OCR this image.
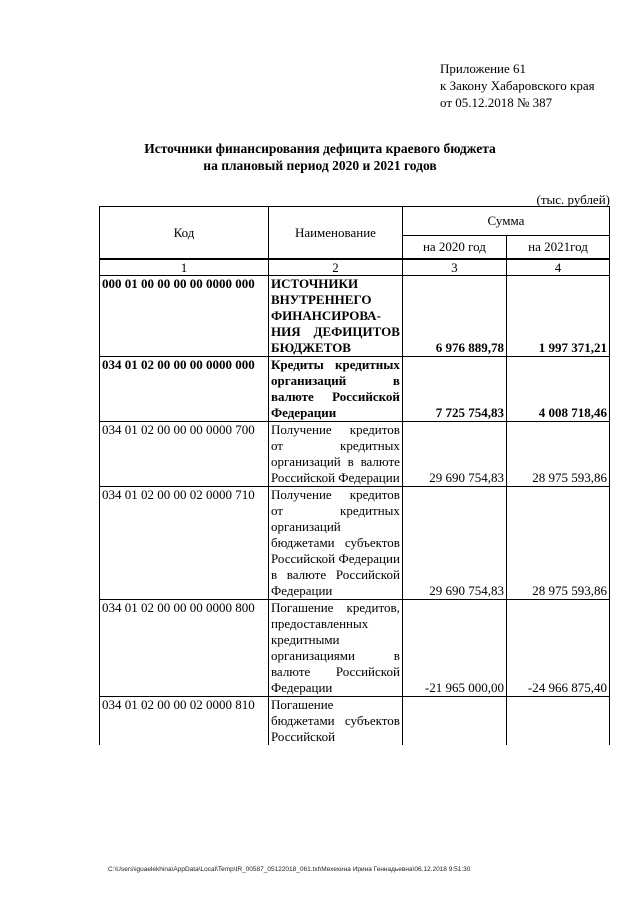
Приложение 61
к Закону Хабаровского края
от 05.12.2018 № 387
Источники финансирования дефицита краевого бюджета
на плановый период 2020 и 2021 годов
(тыс. рублей)
Код	Наименование	Сумма	
		на 2020 год	на 2021год
1	2	3	4
000 01 00 00 00 00 0000 000	ИСТОЧНИКИ ВНУТРЕННЕГО ФИНАНСИРОВА-НИЯ ДЕФИЦИТОВ БЮДЖЕТОВ	6 976 889,78	1 997 371,21
034 01 02 00 00 00 0000 000	Кредиты кредитных организаций в валюте Российской Федерации	7 725 754,83	4 008 718,46
034 01 02 00 00 00 0000 700	Получение кредитов от кредитных организаций в валюте Российской Федерации	29 690 754,83	28 975 593,86
034 01 02 00 00 02 0000 710	Получение кредитов от кредитных организаций бюджетами субъектов Российской Федерации в валюте Российской Федерации	29 690 754,83	28 975 593,86
034 01 02 00 00 00 0000 800	Погашение кредитов, предоставленных кредитными организациями в валюте Российской Федерации	-21 965 000,00	-24 966 875,40
034 01 02 00 00 02 0000 810	Погашение бюджетами субъектов Российской		
C:\Users\iguaelekhina\AppData\Local\Temp\IR_00587_05122018_061.txt\Мехехина Ирина Геннадьевна\06.12.2018 9:51:30
